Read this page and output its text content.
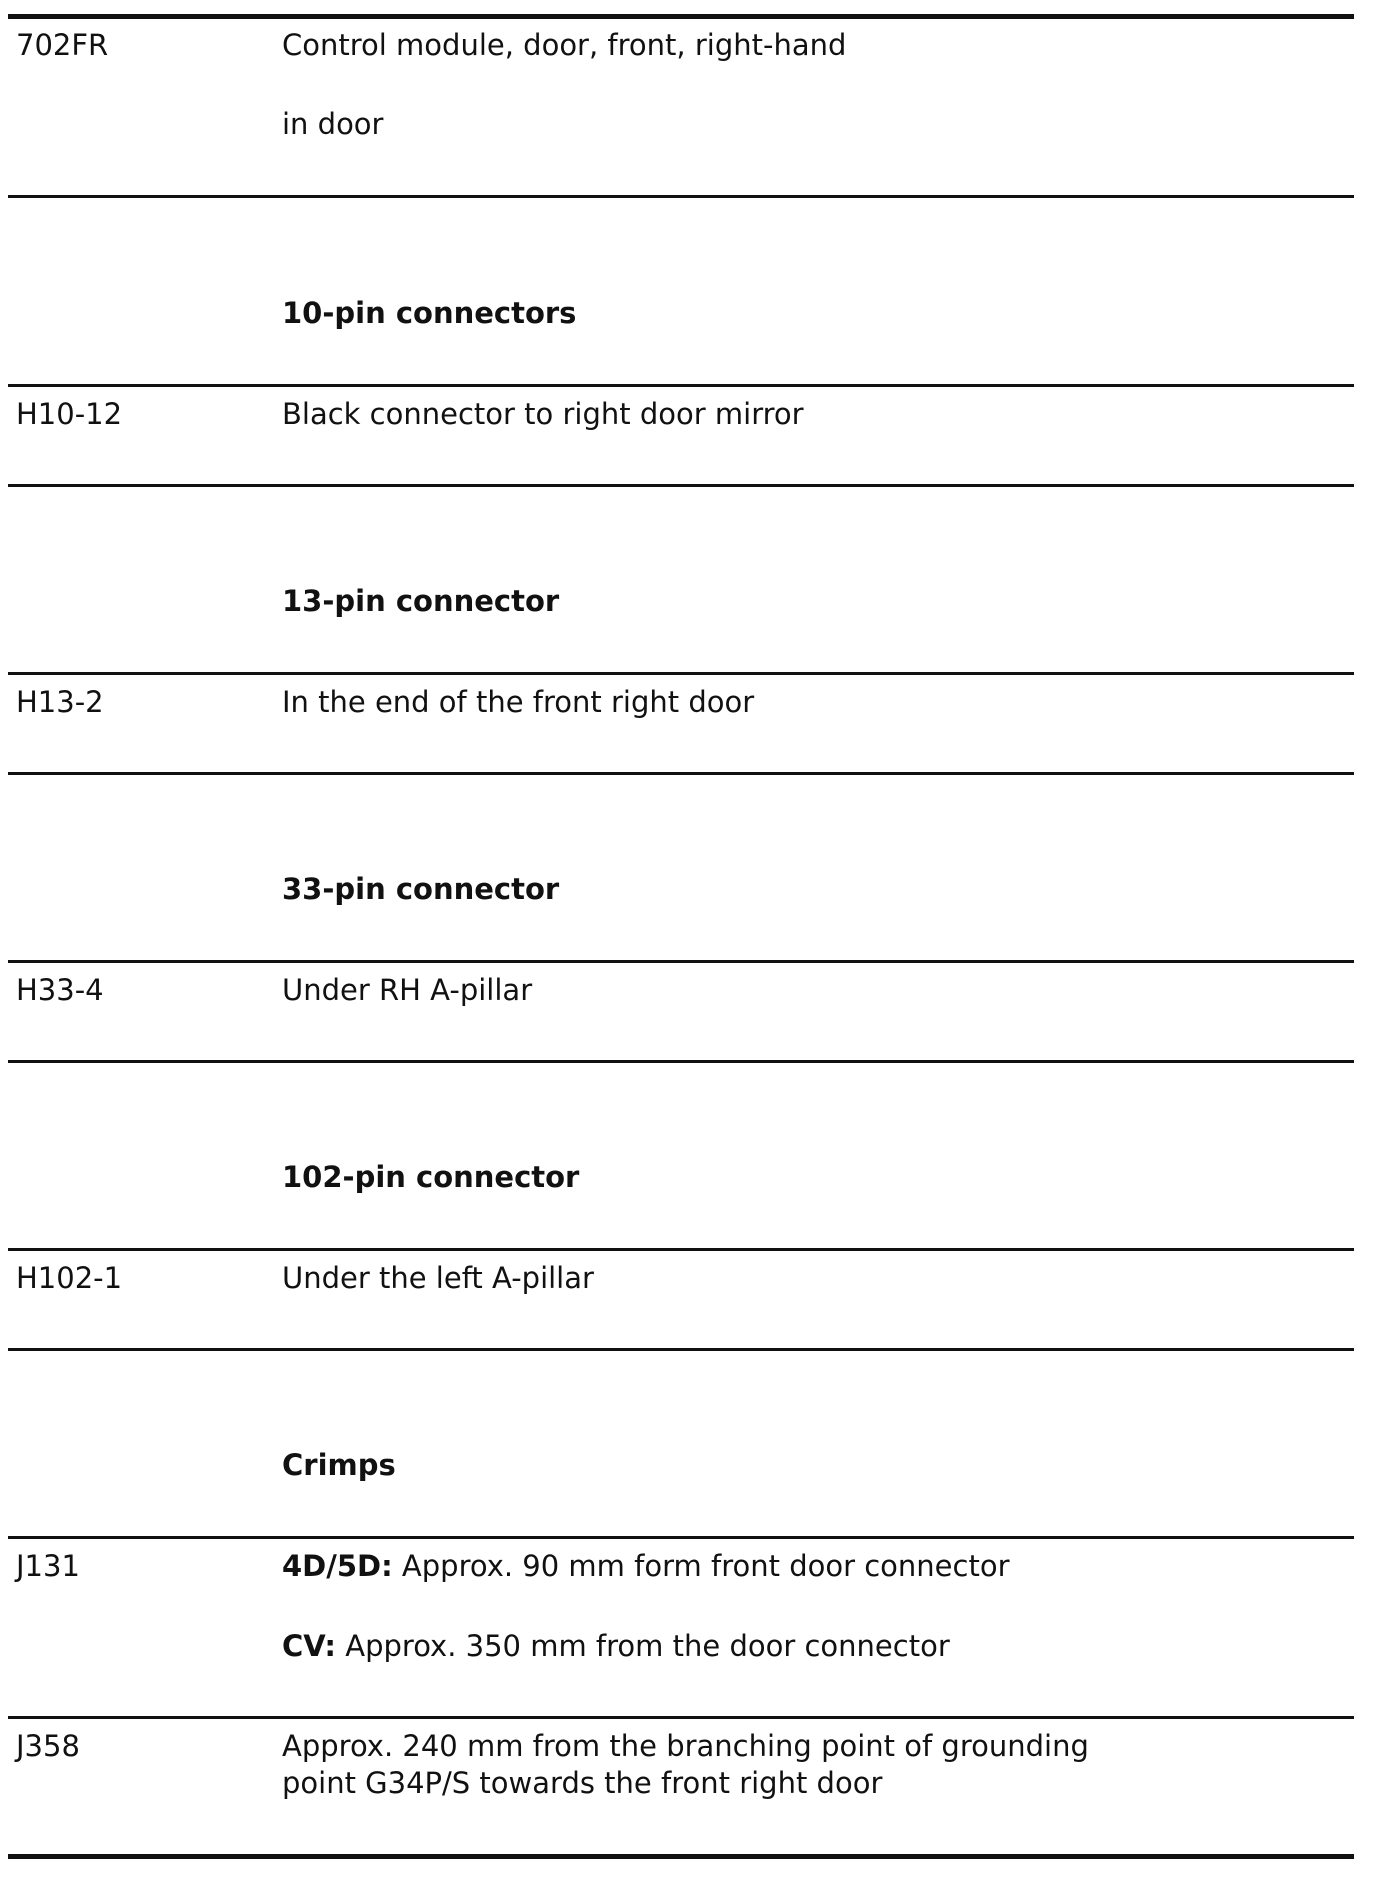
702FR	Control module, door, front, right-hand
in door
10-pin connectors
H10-12	Black connector to right door mirror
13-pin connector
H13-2	In the end of the front right door
33-pin connector
H33-4	Under RH A-pillar
102-pin connector
H102-1	Under the left A-pillar
Crimps
J131	4D/5D: Approx. 90 mm form front door connector
CV: Approx. 350 mm from the door connector
J358	Approx. 240 mm from the branching point of grounding
point G34P/S towards the front right door
